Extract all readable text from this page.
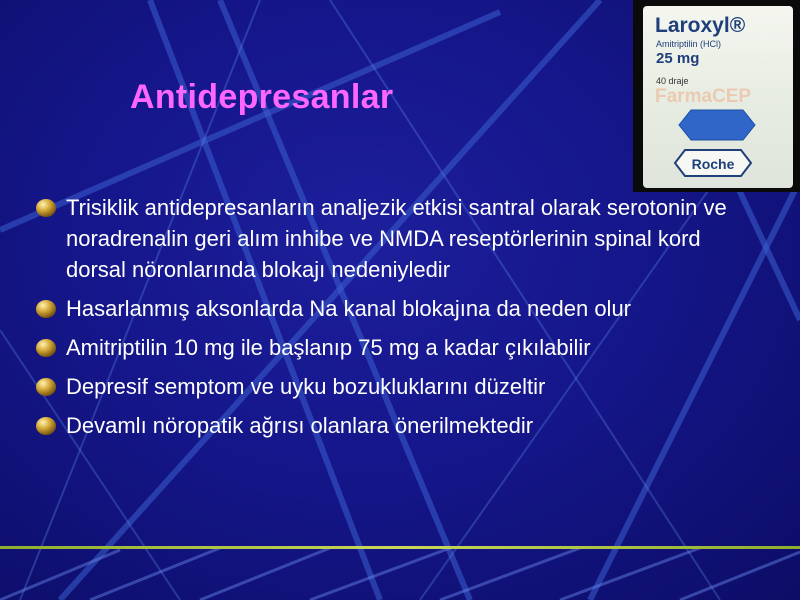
Antidepresanlar
Laroxyl®
Amitriptilin (HCl)
25 mg
40 draje
FarmaCEP
Roche
Trisiklik antidepresanların analjezik etkisi santral olarak serotonin ve noradrenalin geri alım inhibe ve NMDA reseptörlerinin spinal kord dorsal nöronlarında blokajı nedeniyledir
Hasarlanmış aksonlarda Na kanal blokajına da neden olur
Amitriptilin 10 mg ile başlanıp 75 mg a kadar çıkılabilir
Depresif semptom ve uyku bozukluklarını düzeltir
Devamlı nöropatik ağrısı olanlara önerilmektedir
